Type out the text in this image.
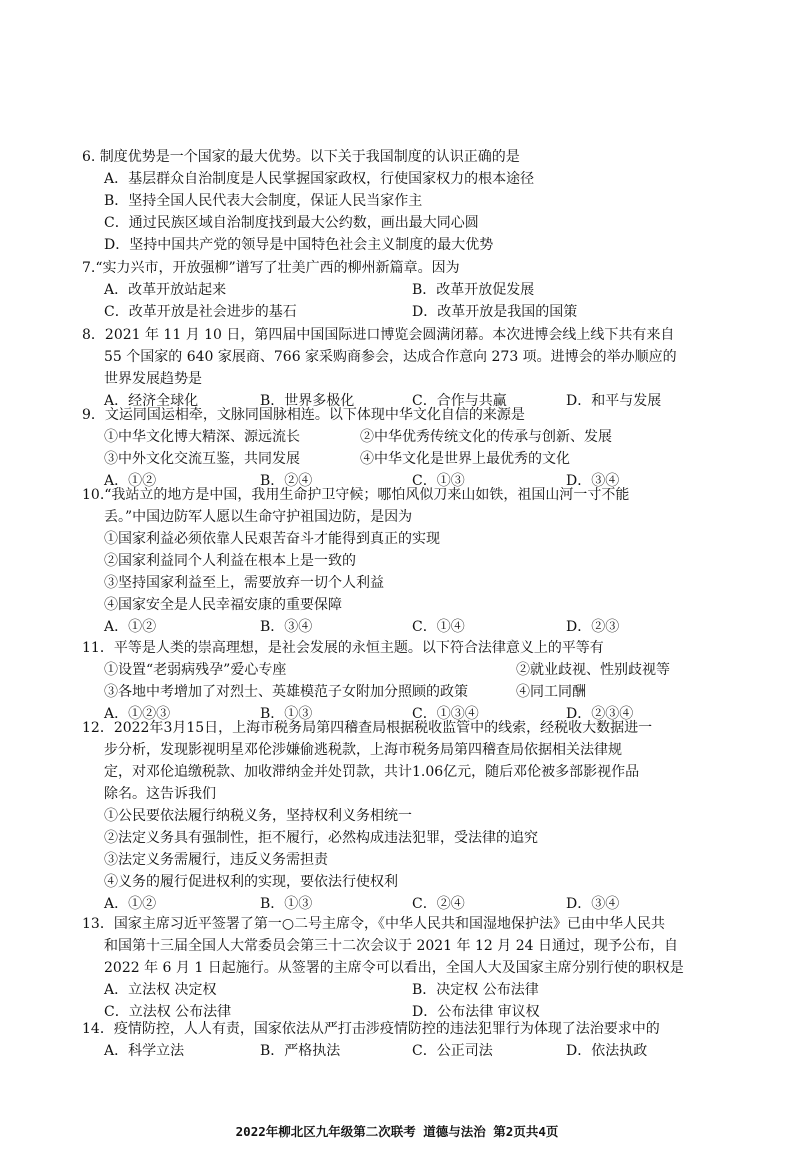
6. 制度优势是一个国家的最大优势。以下关于我国制度的认识正确的是
A．基层群众自治制度是人民掌握国家政权，行使国家权力的根本途径
B．坚持全国人民代表大会制度，保证人民当家作主
C．通过民族区域自治制度找到最大公约数，画出最大同心圆
D．坚持中国共产党的领导是中国特色社会主义制度的最大优势
7.“实力兴市，开放强柳”谱写了壮美广西的柳州新篇章。因为
A．改革开放站起来	B．改革开放促发展
C．改革开放是社会进步的基石	D．改革开放是我国的国策
8．2021 年 11 月 10 日，第四届中国国际进口博览会圆满闭幕。本次进博会线上线下共有来自
55 个国家的 640 家展商、766 家采购商参会，达成合作意向 273 项。进博会的举办顺应的
世界发展趋势是
A．经济全球化	B．世界多极化	C．合作与共赢	D．和平与发展
9．文运同国运相牵，文脉同国脉相连。以下体现中华文化自信的来源是
①中华文化博大精深、源远流长	②中华优秀传统文化的传承与创新、发展
③中外文化交流互鉴，共同发展	④中华文化是世界上最优秀的文化
A．①②	B．②④	C．①③	D．③④
10.“我站立的地方是中国，我用生命护卫守候；哪怕风似刀来山如铁，祖国山河一寸不能
丢。”中国边防军人愿以生命守护祖国边防，是因为
①国家利益必须依靠人民艰苦奋斗才能得到真正的实现
②国家利益同个人利益在根本上是一致的
③坚持国家利益至上，需要放弃一切个人利益
④国家安全是人民幸福安康的重要保障
A．①②	B．③④	C．①④	D．②③
11．平等是人类的崇高理想，是社会发展的永恒主题。以下符合法律意义上的平等有
①设置“老弱病残孕”爱心专座	②就业歧视、性别歧视等
③各地中考增加了对烈士、英雄模范子女附加分照顾的政策	④同工同酬
A．①②③	B．①③	C．①③④	D．②③④
12．2022年3月15日，上海市税务局第四稽查局根据税收监管中的线索，经税收大数据进一
步分析，发现影视明星邓伦涉嫌偷逃税款，上海市税务局第四稽查局依据相关法律规
定，对邓伦追缴税款、加收滞纳金并处罚款，共计1.06亿元，随后邓伦被多部影视作品
除名。这告诉我们
①公民要依法履行纳税义务，坚持权利义务相统一
②法定义务具有强制性，拒不履行，必然构成违法犯罪，受法律的追究
③法定义务需履行，违反义务需担责
④义务的履行促进权利的实现，要依法行使权利
A．①②	B．①③	C．②④	D．③④
13．国家主席习近平签署了第一○二号主席令，《中华人民共和国湿地保护法》已由中华人民共
和国第十三届全国人大常委员会第三十二次会议于 2021 年 12 月 24 日通过，现予公布，自
2022 年 6 月 1 日起施行。从签署的主席令可以看出，全国人大及国家主席分别行使的职权是
A．立法权 决定权	B．决定权 公布法律
C．立法权 公布法律	D．公布法律 审议权
14．疫情防控，人人有责，国家依法从严打击涉疫情防控的违法犯罪行为体现了法治要求中的
A．科学立法	B．严格执法	C．公正司法	D．依法执政
2022年柳北区九年级第二次联考 道德与法治 第2页共4页
